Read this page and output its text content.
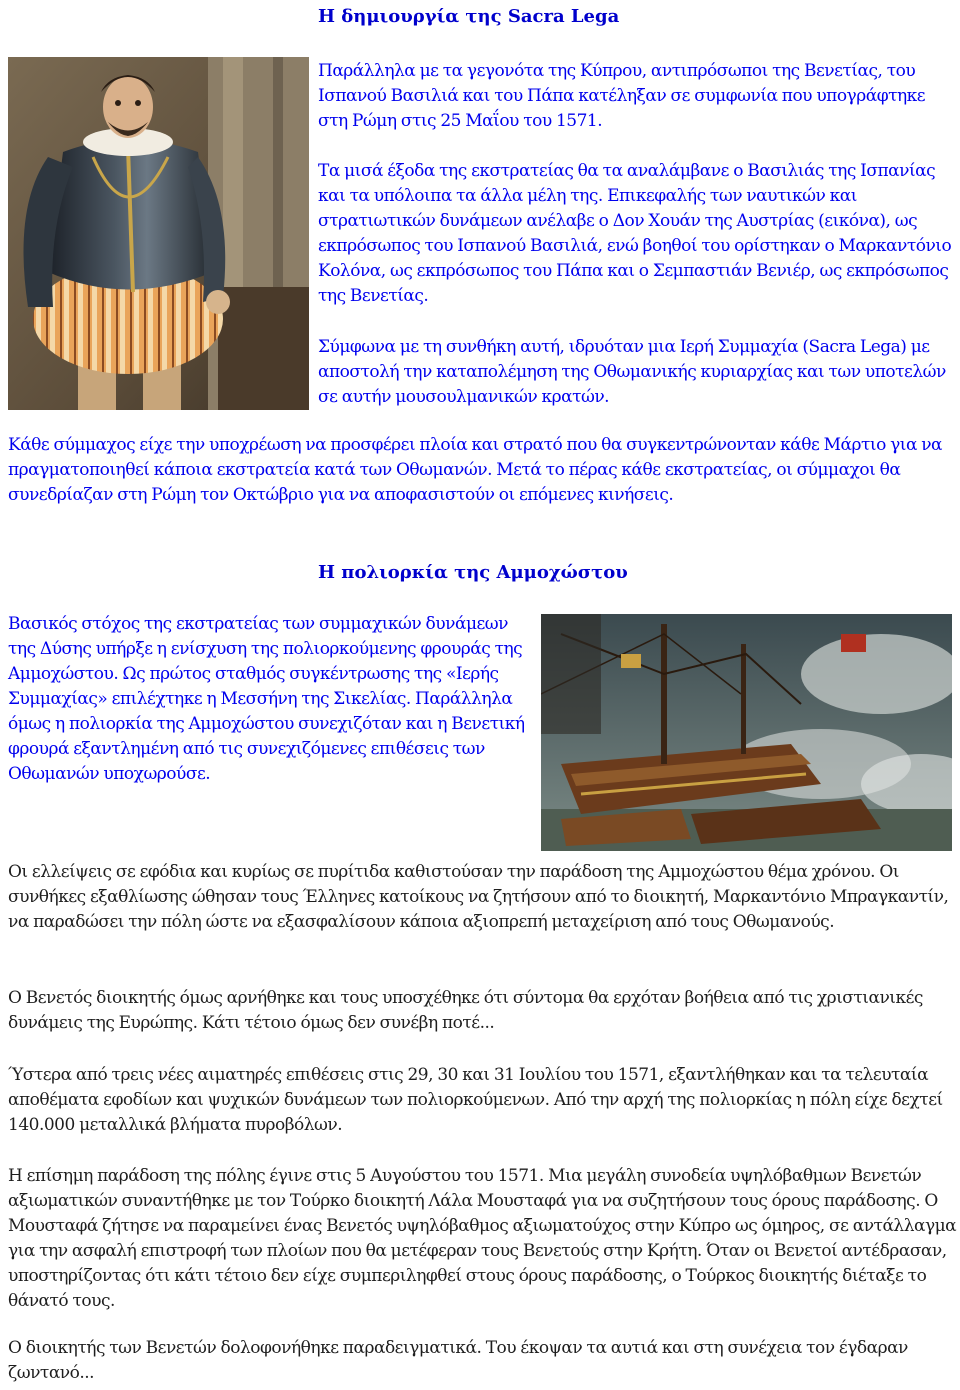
Η δημιουργία της Sacra Lega

Παράλληλα με τα γεγονότα της Κύπρου, αντιπρόσωποι της Βενετίας, του Ισπανού Βασιλιά και του Πάπα κατέληξαν σε συμφωνία που υπογράφτηκε στη Ρώμη στις 25 Μαΐου του 1571.

Τα μισά έξοδα της εκστρατείας θα τα αναλάμβανε ο Βασιλιάς της Ισπανίας και τα υπόλοιπα τα άλλα μέλη της. Επικεφαλής των ναυτικών και στρατιωτικών δυνάμεων ανέλαβε ο Δον Χουάν της Αυστρίας (εικόνα), ως εκπρόσωπος του Ισπανού Βασιλιά, ενώ βοηθοί του ορίστηκαν ο Μαρκαντόνιο Κολόνα, ως εκπρόσωπος του Πάπα και ο Σεμπαστιάν Βενιέρ, ως εκπρόσωπος της Βενετίας.

Σύμφωνα με τη συνθήκη αυτή, ιδρυόταν μια Ιερή Συμμαχία (Sacra Lega) με αποστολή την καταπολέμηση της Οθωμανικής κυριαρχίας και των υποτελών σε αυτήν μουσουλμανικών κρατών.

Κάθε σύμμαχος είχε την υποχρέωση να προσφέρει πλοία και στρατό που θα συγκεντρώνονταν κάθε Μάρτιο για να πραγματοποιηθεί κάποια εκστρατεία κατά των Οθωμανών. Μετά το πέρας κάθε εκστρατείας, οι σύμμαχοι θα συνεδρίαζαν στη Ρώμη τον Οκτώβριο για να αποφασιστούν οι επόμενες κινήσεις.

Η πολιορκία της Αμμοχώστου

Βασικός στόχος της εκστρατείας των συμμαχικών δυνάμεων της Δύσης υπήρξε η ενίσχυση της πολιορκούμενης φρουράς της Αμμοχώστου. Ως πρώτος σταθμός συγκέντρωσης της «Ιερής Συμμαχίας» επιλέχτηκε η Μεσσήνη της Σικελίας. Παράλληλα όμως η πολιορκία της Αμμοχώστου συνεχιζόταν και η Βενετική φρουρά εξαντλημένη από τις συνεχιζόμενες επιθέσεις των Οθωμανών υποχωρούσε.

Οι ελλείψεις σε εφόδια και κυρίως σε πυρίτιδα καθιστούσαν την παράδοση της Αμμοχώστου θέμα χρόνου. Οι συνθήκες εξαθλίωσης ώθησαν τους Έλληνες κατοίκους να ζητήσουν από το διοικητή, Μαρκαντόνιο Μπραγκαντίν, να παραδώσει την πόλη ώστε να εξασφαλίσουν κάποια αξιοπρεπή μεταχείριση από τους Οθωμανούς.

Ο Βενετός διοικητής όμως αρνήθηκε και τους υποσχέθηκε ότι σύντομα θα ερχόταν βοήθεια από τις χριστιανικές δυνάμεις της Ευρώπης. Κάτι τέτοιο όμως δεν συνέβη ποτέ...

Ύστερα από τρεις νέες αιματηρές επιθέσεις στις 29, 30 και 31 Ιουλίου του 1571, εξαντλήθηκαν και τα τελευταία αποθέματα εφοδίων και ψυχικών δυνάμεων των πολιορκούμενων. Από την αρχή της πολιορκίας η πόλη είχε δεχτεί 140.000 μεταλλικά βλήματα πυροβόλων.

Η επίσημη παράδοση της πόλης έγινε στις 5 Αυγούστου του 1571. Μια μεγάλη συνοδεία υψηλόβαθμων Βενετών αξιωματικών συναντήθηκε με τον Τούρκο διοικητή Λάλα Μουσταφά για να συζητήσουν τους όρους παράδοσης. Ο Μουσταφά ζήτησε να παραμείνει ένας Βενετός υψηλόβαθμος αξιωματούχος στην Κύπρο ως όμηρος, σε αντάλλαγμα για την ασφαλή επιστροφή των πλοίων που θα μετέφεραν τους Βενετούς στην Κρήτη. Όταν οι Βενετοί αντέδρασαν, υποστηρίζοντας ότι κάτι τέτοιο δεν είχε συμπεριληφθεί στους όρους παράδοσης, ο Τούρκος διοικητής διέταξε το θάνατό τους.

Ο διοικητής των Βενετών δολοφονήθηκε παραδειγματικά. Του έκοψαν τα αυτιά και στη συνέχεια τον έγδαραν ζωντανό...
